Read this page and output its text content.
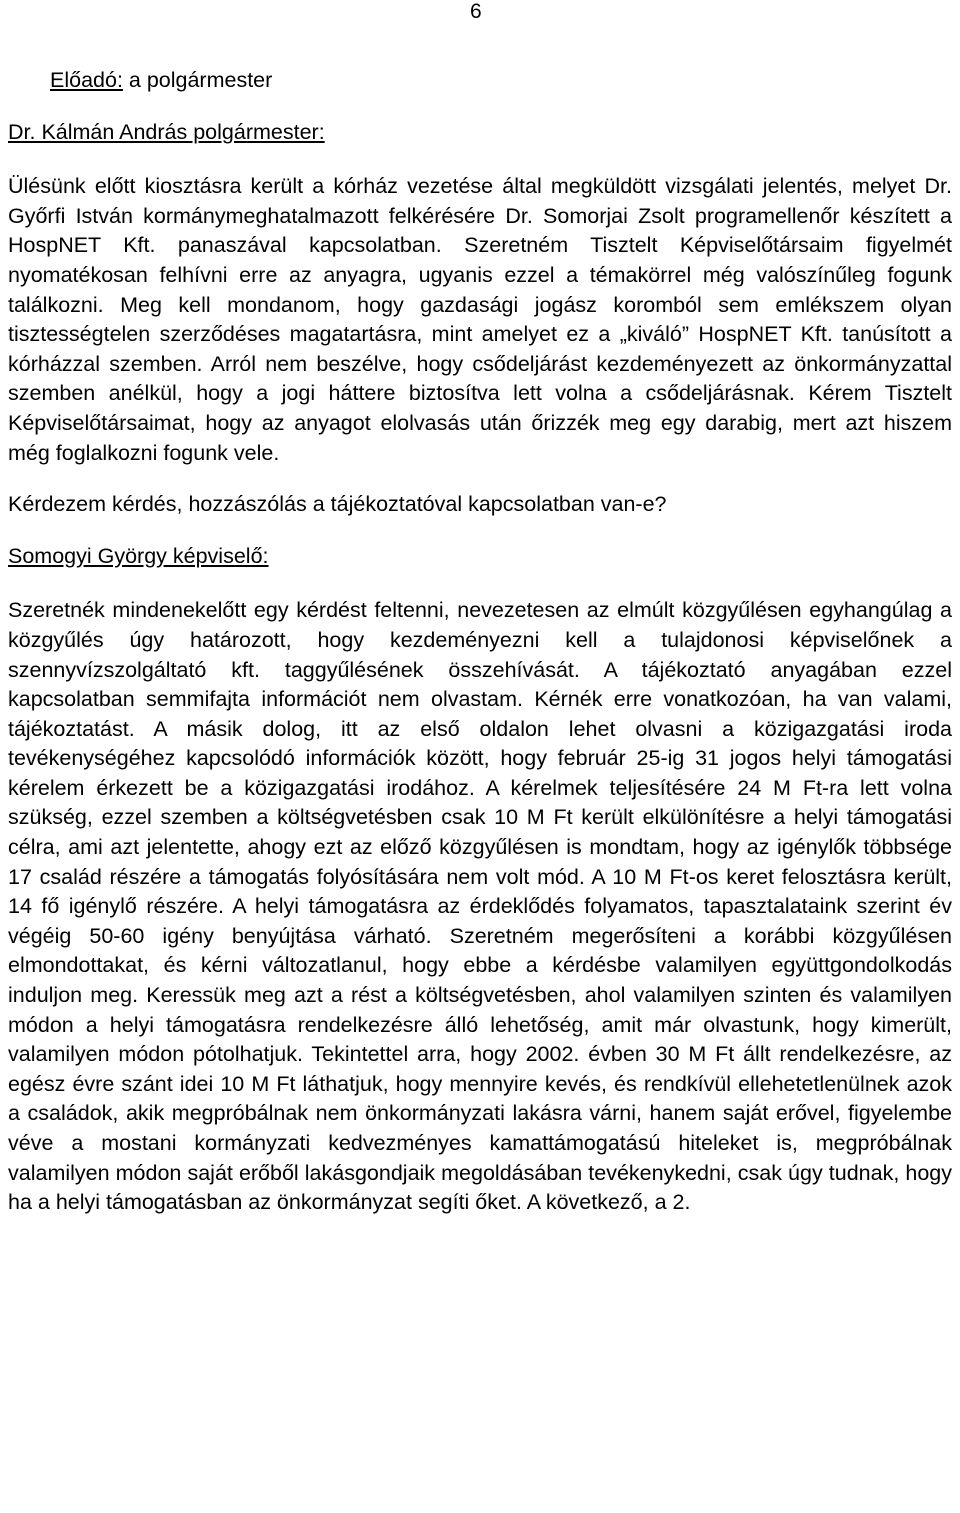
6

Előadó: a polgármester

Dr. Kálmán András polgármester:

Ülésünk előtt kiosztásra került a kórház vezetése által megküldött vizsgálati jelentés, melyet Dr. Győrfi István kormánymeghatalmazott felkérésére Dr. Somorjai Zsolt programellenőr készített a HospNET Kft. panaszával kapcsolatban. Szeretném Tisztelt Képviselőtársaim figyelmét nyomatékosan felhívni erre az anyagra, ugyanis ezzel a témakörrel még valószínűleg fogunk találkozni. Meg kell mondanom, hogy gazdasági jogász koromból sem emlékszem olyan tisztességtelen szerződéses magatartásra, mint amelyet ez a „kiváló” HospNET Kft. tanúsított a kórházzal szemben. Arról nem beszélve, hogy csődeljárást kezdeményezett az önkormányzattal szemben anélkül, hogy a jogi háttere biztosítva lett volna a csődeljárásnak. Kérem Tisztelt Képviselőtársaimat, hogy az anyagot elolvasás után őrizzék meg egy darabig, mert azt hiszem még foglalkozni fogunk vele.

Kérdezem kérdés, hozzászólás a tájékoztatóval kapcsolatban van-e?

Somogyi György képviselő:

Szeretnék mindenekelőtt egy kérdést feltenni, nevezetesen az elmúlt közgyűlésen egyhangúlag a közgyűlés úgy határozott, hogy kezdeményezni kell a tulajdonosi képviselőnek a szennyvízszolgáltató kft. taggyűlésének összehívását. A tájékoztató anyagában ezzel kapcsolatban semmifajta információt nem olvastam. Kérnék erre vonatkozóan, ha van valami, tájékoztatást. A másik dolog, itt az első oldalon lehet olvasni a közigazgatási iroda tevékenységéhez kapcsolódó információk között, hogy február 25-ig 31 jogos helyi támogatási kérelem érkezett be a közigazgatási irodához. A kérelmek teljesítésére 24 M Ft-ra lett volna szükség, ezzel szemben a költségvetésben csak 10 M Ft került elkülönítésre a helyi támogatási célra, ami azt jelentette, ahogy ezt az előző közgyűlésen is mondtam, hogy az igénylők többsége 17 család részére a támogatás folyósítására nem volt mód. A 10 M Ft-os keret felosztásra került, 14 fő igénylő részére. A helyi támogatásra az érdeklődés folyamatos, tapasztalataink szerint év végéig 50-60 igény benyújtása várható. Szeretném megerősíteni a korábbi közgyűlésen elmondottakat, és kérni változatlanul, hogy ebbe a kérdésbe valamilyen együttgondolkodás induljon meg. Keressük meg azt a rést a költségvetésben, ahol valamilyen szinten és valamilyen módon a helyi támogatásra rendelkezésre álló lehetőség, amit már olvastunk, hogy kimerült, valamilyen módon pótolhatjuk. Tekintettel arra, hogy 2002. évben 30 M Ft állt rendelkezésre, az egész évre szánt idei 10 M Ft láthatjuk, hogy mennyire kevés, és rendkívül ellehetetlenülnek azok a családok, akik megpróbálnak nem önkormányzati lakásra várni, hanem saját erővel, figyelembe véve a mostani kormányzati kedvezményes kamattámogatású hiteleket is, megpróbálnak valamilyen módon saját erőből lakásgondjaik megoldásában tevékenykedni, csak úgy tudnak, hogy ha a helyi támogatásban az önkormányzat segíti őket. A következő, a 2.
